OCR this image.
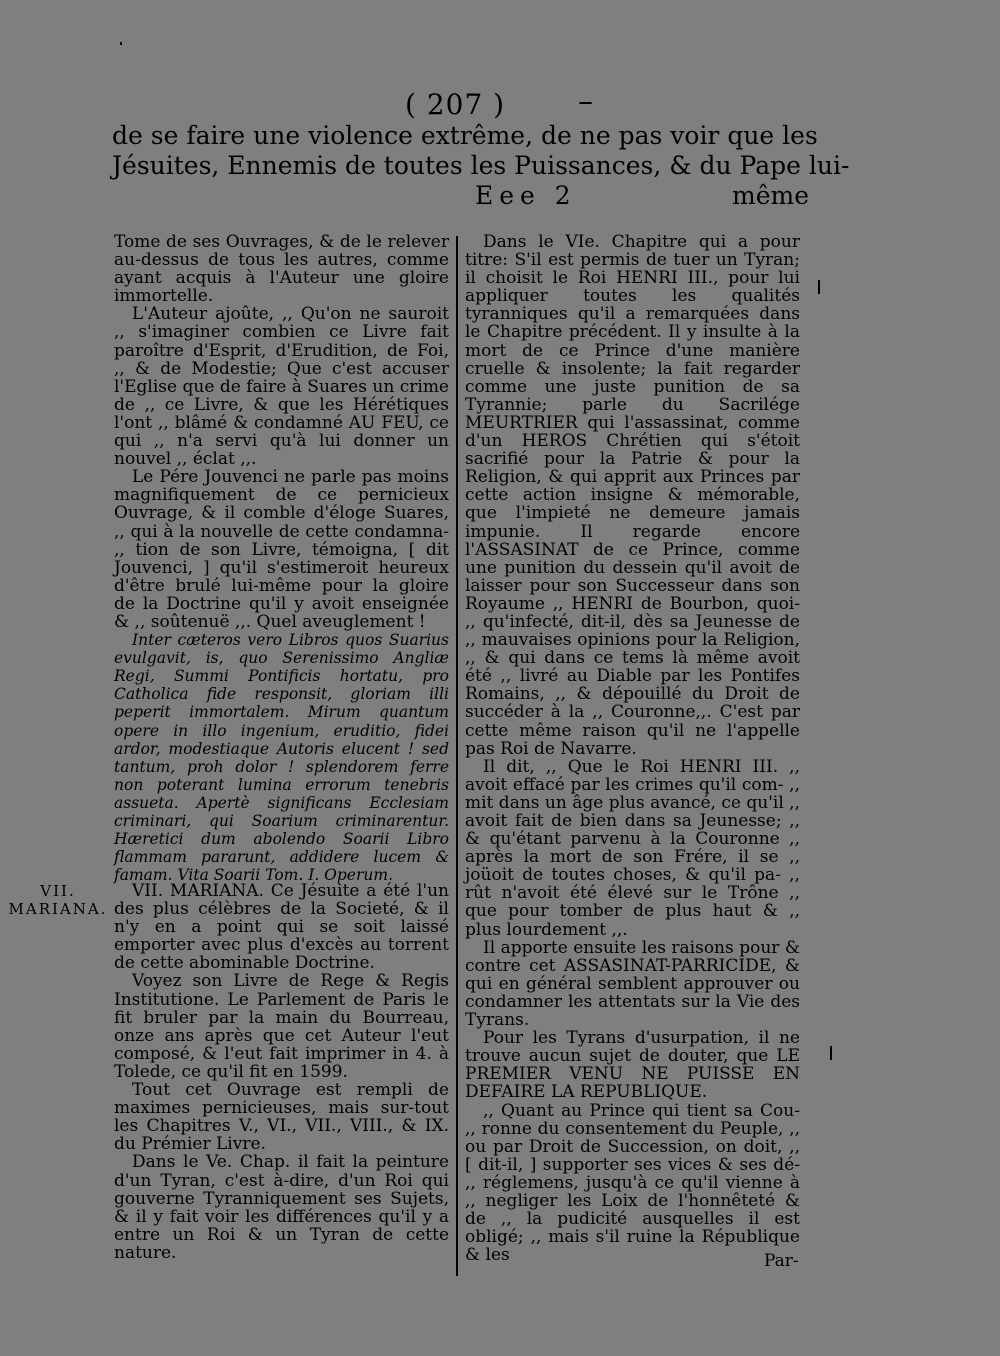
( 207 ) –
de se faire une violence extrême, de ne pas voir que les
Jésuites, Ennemis de toutes les Puissances, & du Pape lui-
Eee 2	même

Tome de ses Ouvrages, & de le relever au-dessus de tous les autres, comme ayant acquis à l'Auteur une gloire immortelle.

L'Auteur ajoûte, ,, Qu'on ne sauroit ,, s'imaginer combien ce Livre fait paroître d'Esprit, d'Erudition, de Foi, ,, & de Modestie; Que c'est accuser l'Eglise que de faire à Suares un crime de ,, ce Livre, & que les Hérétiques l'ont ,, blâmé & condamné AU FEU, ce qui ,, n'a servi qu'à lui donner un nouvel ,, éclat ,,.

Le Pére Jouvenci ne parle pas moins magnifiquement de ce pernicieux Ouvrage, & il comble d'éloge Suares, ,, qui à la nouvelle de cette condamna- ,, tion de son Livre, témoigna, [ dit Jouvenci, ] qu'il s'estimeroit heureux d'être brulé lui-même pour la gloire de la Doctrine qu'il y avoit enseignée & ,, soûtenuë ,,. Quel aveuglement !

Inter cæteros vero Libros quos Suarius evulgavit, is, quo Serenissimo Angliæ Regi, Summi Pontificis hortatu, pro Catholica fide responsit, gloriam illi peperit immortalem. Mirum quantum opere in illo ingenium, eruditio, fidei ardor, modestiaque Autoris elucent ! sed tantum, proh dolor ! splendorem ferre non poterant lumina errorum tenebris assueta. Apertè significans Ecclesiam criminari, qui Soarium criminarentur. Hæretici dum abolendo Soarii Libro flammam pararunt, addidere lucem & famam. Vita Soarii Tom. I. Operum.

VII.
MARIANA.

VII. MARIANA. Ce Jésuite a été l'un des plus célèbres de la Societé, & il n'y en a point qui se soit laissé emporter avec plus d'excès au torrent de cette abominable Doctrine.

Voyez son Livre de Rege & Regis Institutione. Le Parlement de Paris le fit bruler par la main du Bourreau, onze ans après que cet Auteur l'eut composé, & l'eut fait imprimer in 4. à Tolede, ce qu'il fit en 1599.

Tout cet Ouvrage est rempli de maximes pernicieuses, mais sur-tout les Chapitres V., VI., VII., VIII., & IX. du Prémier Livre.

Dans le Ve. Chap. il fait la peinture d'un Tyran, c'est à-dire, d'un Roi qui gouverne Tyranniquement ses Sujets, & il y fait voir les différences qu'il y a entre un Roi & un Tyran de cette nature.

Dans le VIe. Chapitre qui a pour titre: S'il est permis de tuer un Tyran; il choisit le Roi HENRI III., pour lui appliquer toutes les qualités tyranniques qu'il a remarquées dans le Chapitre précédent. Il y insulte à la mort de ce Prince d'une manière cruelle & insolente; la fait regarder comme une juste punition de sa Tyrannie; parle du Sacrilége MEURTRIER qui l'assassinat, comme d'un HEROS Chrétien qui s'étoit sacrifié pour la Patrie & pour la Religion, & qui apprit aux Princes par cette action insigne & mémorable, que l'impieté ne demeure jamais impunie. Il regarde encore l'ASSASINAT de ce Prince, comme une punition du dessein qu'il avoit de laisser pour son Successeur dans son Royaume ,, HENRI de Bourbon, quoi- ,, qu'infecté, dit-il, dès sa Jeunesse de ,, mauvaises opinions pour la Religion, ,, & qui dans ce tems là même avoit été ,, livré au Diable par les Pontifes Romains, ,, & dépouillé du Droit de succéder à la ,, Couronne,,. C'est par cette même raison qu'il ne l'appelle pas Roi de Navarre.

Il dit, ,, Que le Roi HENRI III. ,, avoit effacé par les crimes qu'il com- ,, mit dans un âge plus avancé, ce qu'il ,, avoit fait de bien dans sa Jeunesse; ,, & qu'étant parvenu à la Couronne ,, après la mort de son Frére, il se ,, joüoit de toutes choses, & qu'il pa- ,, rût n'avoit été élevé sur le Trône ,, que pour tomber de plus haut & ,, plus lourdement ,,.

Il apporte ensuite les raisons pour & contre cet ASSASINAT-PARRICIDE, & qui en général semblent approuver ou condamner les attentats sur la Vie des Tyrans.

Pour les Tyrans d'usurpation, il ne trouve aucun sujet de douter, que LE PREMIER VENU NE PUISSE EN DEFAIRE LA REPUBLIQUE.

,, Quant au Prince qui tient sa Cou- ,, ronne du consentement du Peuple, ,, ou par Droit de Succession, on doit, ,, [ dit-il, ] supporter ses vices & ses dé- ,, réglemens, jusqu'à ce qu'il vienne à ,, negliger les Loix de l'honnêteté & de ,, la pudicité ausquelles il est obligé; ,, mais s'il ruine la République & les	Par-
